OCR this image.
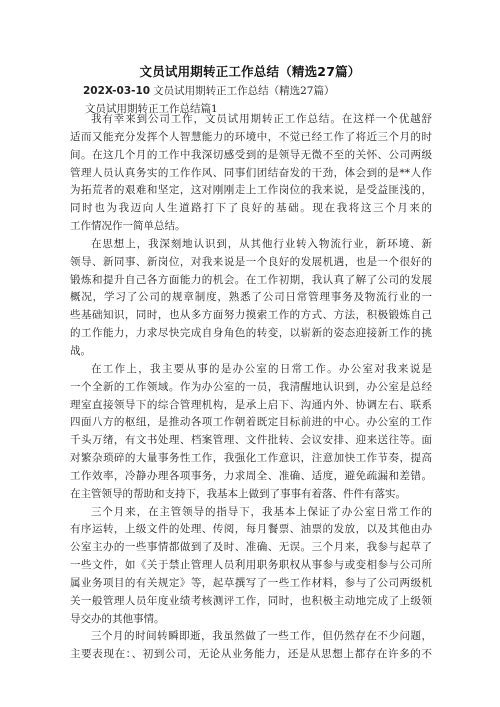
文员试用期转正工作总结（精选27篇）
202X-03-10 文员试用期转正工作总结（精选27篇）
文员试用期转正工作总结篇1
我有幸来到公司工作，文员试用期转正工作总结。在这样一个优越舒
适而又能充分发挥个人智慧能力的环境中，不觉已经工作了将近三个月的时
间。在这几个月的工作中我深切感受到的是领导无微不至的关怀、公司两级
管理人员认真务实的工作作风、同事们团结奋发的干劲，体会到的是**人作
为拓荒者的艰难和坚定，这对刚刚走上工作岗位的我来说，是受益匪浅的，
同时也为我迈向人生道路打下了良好的基础。现在我将这三个月来的
工作情况作一简单总结。
在思想上，我深刻地认识到，从其他行业转入物流行业，新环境、新
领导、新同事、新岗位，对我来说是一个良好的发展机遇，也是一个很好的
锻炼和提升自己各方面能力的机会。在工作初期，我认真了解了公司的发展
概况，学习了公司的规章制度，熟悉了公司日常管理事务及物流行业的一
些基础知识，同时，也从多方面努力摸索工作的方式、方法，积极锻炼自己
的工作能力，力求尽快完成自身角色的转变，以崭新的姿态迎接新工作的挑
战。
在工作上，我主要从事的是办公室的日常工作。办公室对我来说是
一个全新的工作领域。作为办公室的一员，我清醒地认识到，办公室是总经
理室直接领导下的综合管理机构，是承上启下、沟通内外、协调左右、联系
四面八方的枢纽，是推动各项工作朝着既定目标前进的中心。办公室的工作
千头万绪，有文书处理、档案管理、文件批转、会议安排、迎来送往等。面
对繁杂琐碎的大量事务性工作，我强化工作意识，注意加快工作节奏，提高
工作效率，冷静办理各项事务，力求周全、准确、适度，避免疏漏和差错。
在主管领导的帮助和支持下，我基本上做到了事事有着落、件件有落实。
三个月来，在主管领导的指导下，我基本上保证了办公室日常工作的
有序运转，上级文件的处理、传阅，每月餐票、油票的发放，以及其他由办
公室主办的一些事情都做到了及时、准确、无误。三个月来，我参与起草了
一些文件，如《关于禁止管理人员利用职务职权从事参与或变相参与公司所
属业务项目的有关规定》等，起草撰写了一些工作材料，参与了公司两级机
关一般管理人员年度业绩考核测评工作，同时，也积极主动地完成了上级领
导交办的其他事情。
三个月的时间转瞬即逝，我虽然做了一些工作，但仍然存在不少问题，
主要表现在：、初到公司，无论从业务能力，还是从思想上都存在许多的不
